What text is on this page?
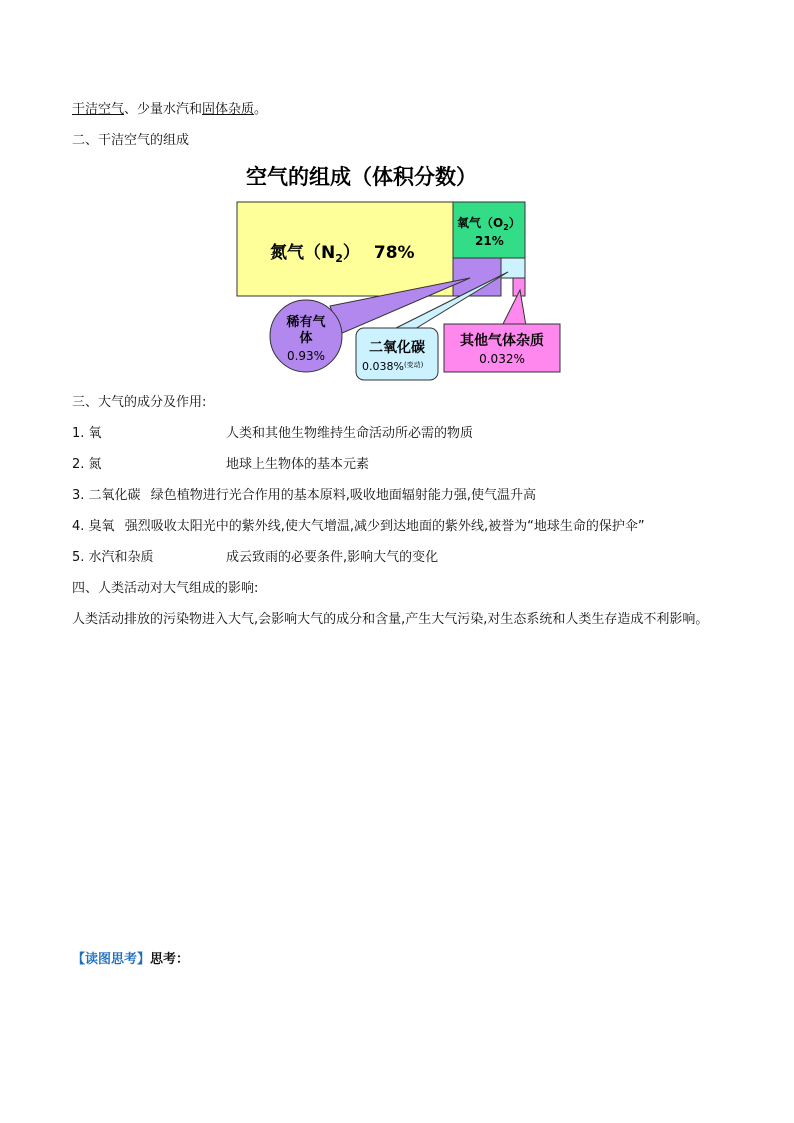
干洁空气、少量水汽和固体杂质。
二、干洁空气的组成
空气的组成（体积分数）
氮气$(N_2)$ 78%
氧气$(O_2)$
21%
稀有气
体
0.93%	二氧化碳
0.038%$^{(变动)}$
其他气体杂质
0.032%
三、大气的成分及作用:
1. 氧	人类和其他生物维持生命活动所必需的物质
2. 氮	地球上生物体的基本元素
3. 二氧化碳 绿色植物进行光合作用的基本原料,吸收地面辐射能力强,使气温升高
4. 臭氧 强烈吸收太阳光中的紫外线,使大气增温,减少到达地面的紫外线,被誉为“地球生命的保护伞”
5. 水汽和杂质	成云致雨的必要条件,影响大气的变化
四、人类活动对大气组成的影响:
人类活动排放的污染物进入大气,会影响大气的成分和含量,产生大气污染,对生态系统和人类生存造成不利影响。
【读图思考】思考：
